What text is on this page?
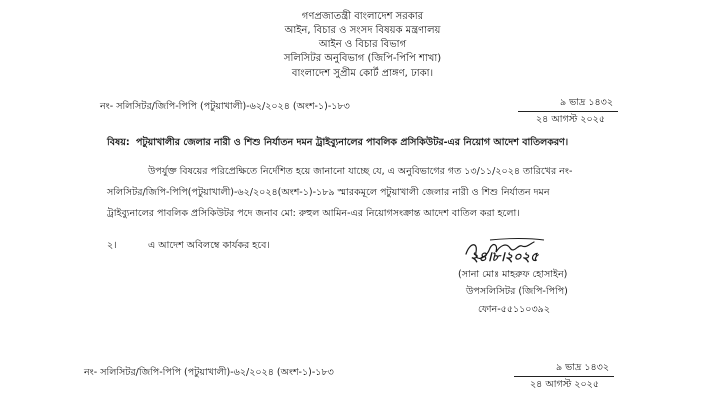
গণপ্রজাতন্ত্রী বাংলাদেশ সরকার
আইন, বিচার ও সংসদ বিষয়ক মন্ত্রণালয়
আইন ও বিচার বিভাগ
সলিসিটর অনুবিভাগ (জিপি-পিপি শাখা)
বাংলাদেশ সুপ্রীম কোর্ট প্রাঙ্গণ, ঢাকা।
নং- সলিসিটর/জিপি-পিপি (পটুয়াখালী)-৬২/২০২৪ (অংশ-১)-১৮৩	৯ ভাদ্র ১৪৩২
২৪ আগস্ট ২০২৫
বিষয়: পটুয়াখালীর জেলার নারী ও শিশু নির্যাতন দমন ট্রাইব্যুনালের পাবলিক প্রসিকিউটর-এর নিয়োগ আদেশ বাতিলকরণ।
উপর্যুক্ত বিষয়ের পরিপ্রেক্ষিতে নির্দেশিত হয়ে জানানো যাচ্ছে যে, এ অনুবিভাগের গত ১৩/১১/২০২৪ তারিখের নং-
সলিসিটর/জিপি-পিপি(পটুয়াখালী)-৬২/২০২৪(অংশ-১)-১৮৯ স্মারকমূলে পটুয়াখালী জেলার নারী ও শিশু নির্যাতন দমন
ট্রাইব্যুনালের পাবলিক প্রসিকিউটর পদে জনাব মো: রুহুল আমিন-এর নিয়োগসংক্রান্ত আদেশ বাতিল করা হলো।
২।	এ আদেশ অবিলম্বে কার্যকর হবে।
২৪।৮।২০২৫
(সানা মোঃ মাহরুফ হোসাইন)
উপসলিসিটর (জিপি-পিপি)
ফোন-৫৫১১০৩৯২
নং- সলিসিটর/জিপি-পিপি (পটুয়াখালী)-৬২/২০২৪ (অংশ-১)-১৮৩	৯ ভাদ্র ১৪৩২
২৪ আগস্ট ২০২৫
